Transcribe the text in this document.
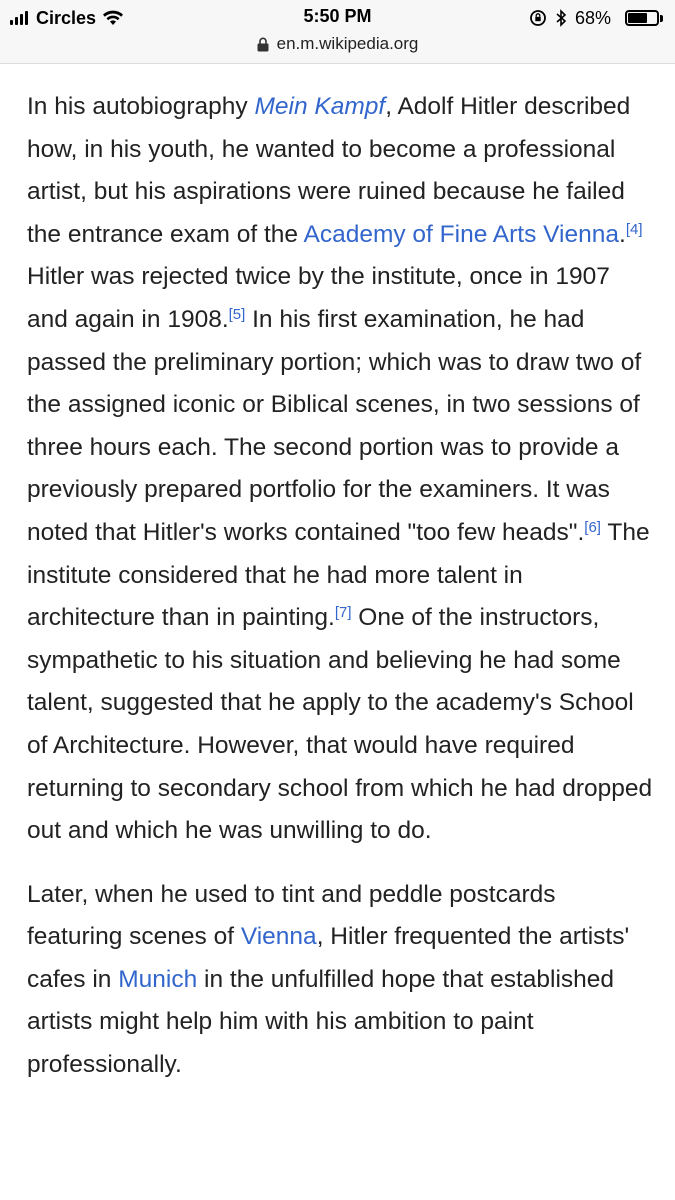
Circles	5:50 PM	68%
en.m.wikipedia.org

In his autobiography Mein Kampf, Adolf Hitler described how, in his youth, he wanted to become a professional artist, but his aspirations were ruined because he failed the entrance exam of the Academy of Fine Arts Vienna.[4] Hitler was rejected twice by the institute, once in 1907 and again in 1908.[5] In his first examination, he had passed the preliminary portion; which was to draw two of the assigned iconic or Biblical scenes, in two sessions of three hours each. The second portion was to provide a previously prepared portfolio for the examiners. It was noted that Hitler's works contained "too few heads".[6] The institute considered that he had more talent in architecture than in painting.[7] One of the instructors, sympathetic to his situation and believing he had some talent, suggested that he apply to the academy's School of Architecture. However, that would have required returning to secondary school from which he had dropped out and which he was unwilling to do.

Later, when he used to tint and peddle postcards featuring scenes of Vienna, Hitler frequented the artists' cafes in Munich in the unfulfilled hope that established artists might help him with his ambition to paint professionally.
